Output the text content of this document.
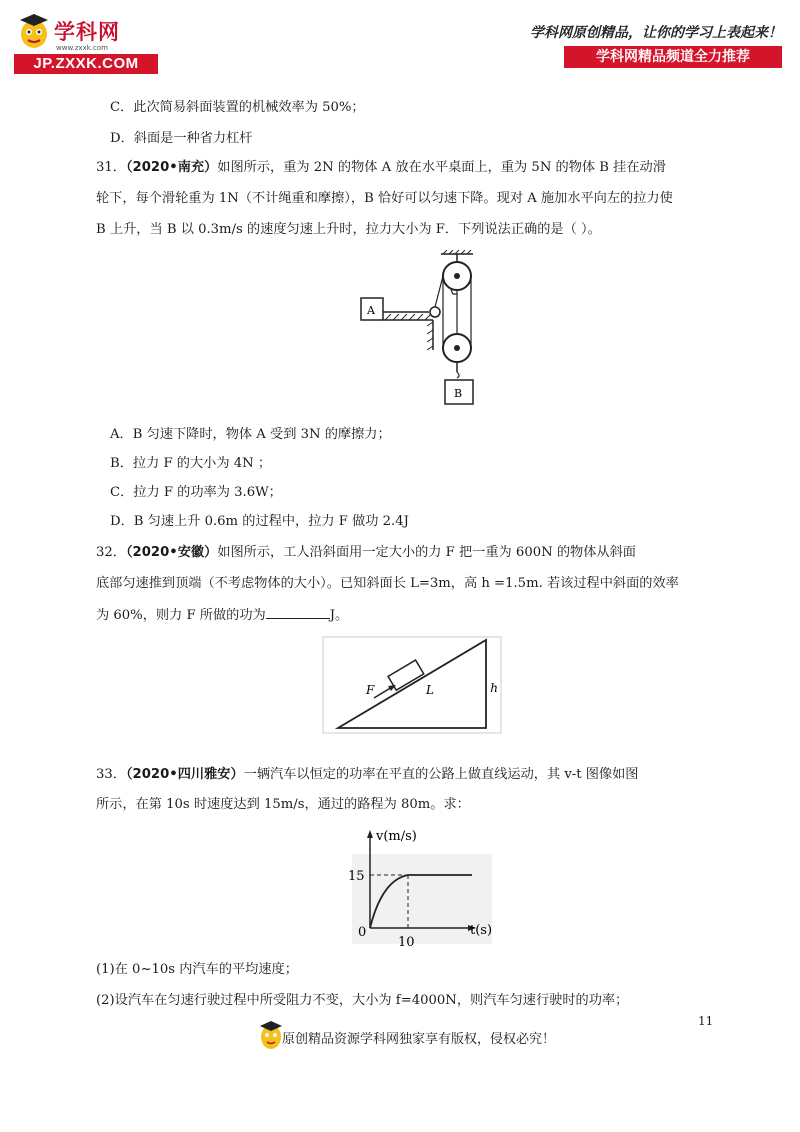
学科网
www.zxxk.com
JP.ZXXK.COM
学科网原创精品，让你的学习上表起来！
学科网精品频道全力推荐
C．此次简易斜面装置的机械效率为 50%；
D．斜面是一种省力杠杆
31．（2020•南充）如图所示，重为 2N 的物体 A 放在水平桌面上，重为 5N 的物体 B 挂在动滑
轮下，每个滑轮重为 1N（不计绳重和摩擦），B 恰好可以匀速下降。现对 A 施加水平向左的拉力使
B 上升，当 B 以 0.3m/s 的速度匀速上升时，拉力大小为 F．下列说法正确的是（ ）。
A
B
A．B 匀速下降时，物体 A 受到 3N 的摩擦力；
B．拉力 F 的大小为 4N ；
C．拉力 F 的功率为 3.6W；
D．B 匀速上升 0.6m 的过程中，拉力 F 做功 2.4J
32．（2020•安徽）如图所示，工人沿斜面用一定大小的力 F 把一重为 600N 的物体从斜面
底部匀速推到顶端（不考虑物体的大小）。已知斜面长 L=3m，高 h =1.5m. 若该过程中斜面的效率
为 60%，则力 F 所做的功为	J。
F	L	h
33．（2020•四川雅安）一辆汽车以恒定的功率在平直的公路上做直线运动，其 v-t 图像如图
所示，在第 10s 时速度达到 15m/s，通过的路程为 80m。求：
v(m/s)
t(s)
15
10
0
(1)在 0~10s 内汽车的平均速度；
(2)设汽车在匀速行驶过程中所受阻力不变，大小为 f=4000N，则汽车匀速行驶时的功率；
11
原创精品资源学科网独家享有版权，侵权必究！
